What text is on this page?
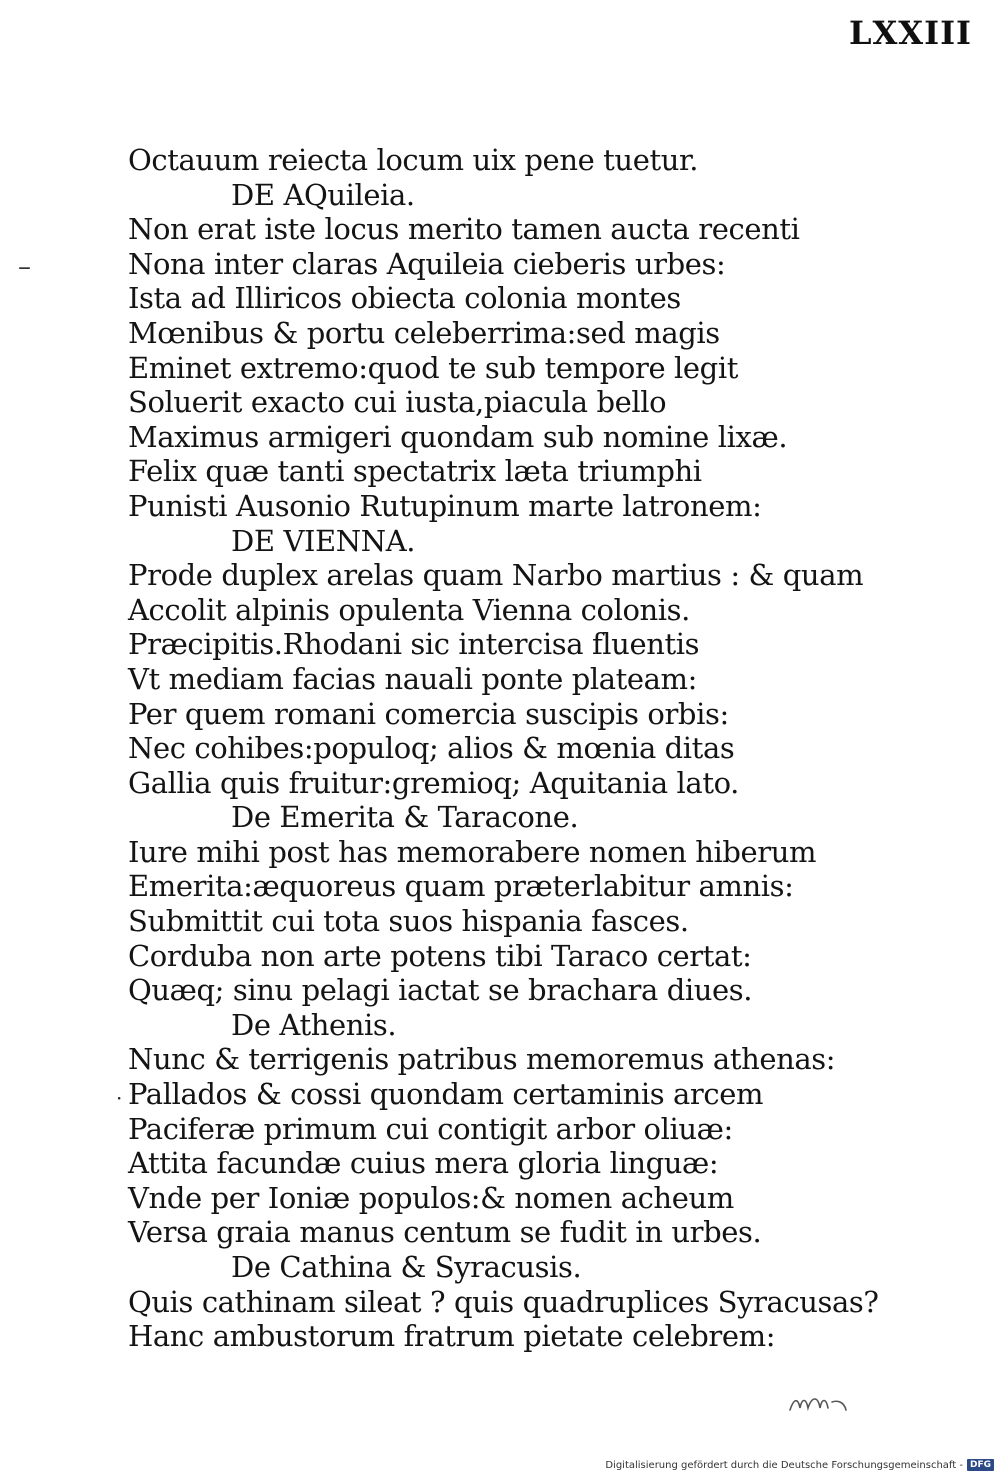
LXXIII
–
·
Octauum reiecta locum uix pene tuetur.
DE AQuileia.
Non erat iste locus merito tamen aucta recenti
Nona inter claras Aquileia cieberis urbes:
Ista ad Illiricos obiecta colonia montes
Mœnibus & portu celeberrima:sed magis
Eminet extremo:quod te sub tempore legit
Soluerit exacto cui iusta,piacula bello
Maximus armigeri quondam sub nomine lixæ.
Felix quæ tanti spectatrix læta triumphi
Punisti Ausonio Rutupinum marte latronem:
DE VIENNA.
Prode duplex arelas quam Narbo martius : & quam
Accolit alpinis opulenta Vienna colonis.
Præcipitis.Rhodani sic intercisa fluentis
Vt mediam facias nauali ponte plateam:
Per quem romani comercia suscipis orbis:
Nec cohibes:populoq; alios & mœnia ditas
Gallia quis fruitur:gremioq; Aquitania lato.
De Emerita & Taracone.
Iure mihi post has memorabere nomen hiberum
Emerita:æquoreus quam præterlabitur amnis:
Submittit cui tota suos hispania fasces.
Corduba non arte potens tibi Taraco certat:
Quæq; sinu pelagi iactat se brachara diues.
De Athenis.
Nunc & terrigenis patribus memoremus athenas:
Pallados & cossi quondam certaminis arcem
Paciferæ primum cui contigit arbor oliuæ:
Attita facundæ cuius mera gloria linguæ:
Vnde per Ioniæ populos:& nomen acheum
Versa graia manus centum se fudit in urbes.
De Cathina & Syracusis.
Quis cathinam sileat ? quis quadruplices Syracusas?
Hanc ambustorum fratrum pietate celebrem:
Digitalisierung gefördert durch die Deutsche Forschungsgemeinschaft - DFG
